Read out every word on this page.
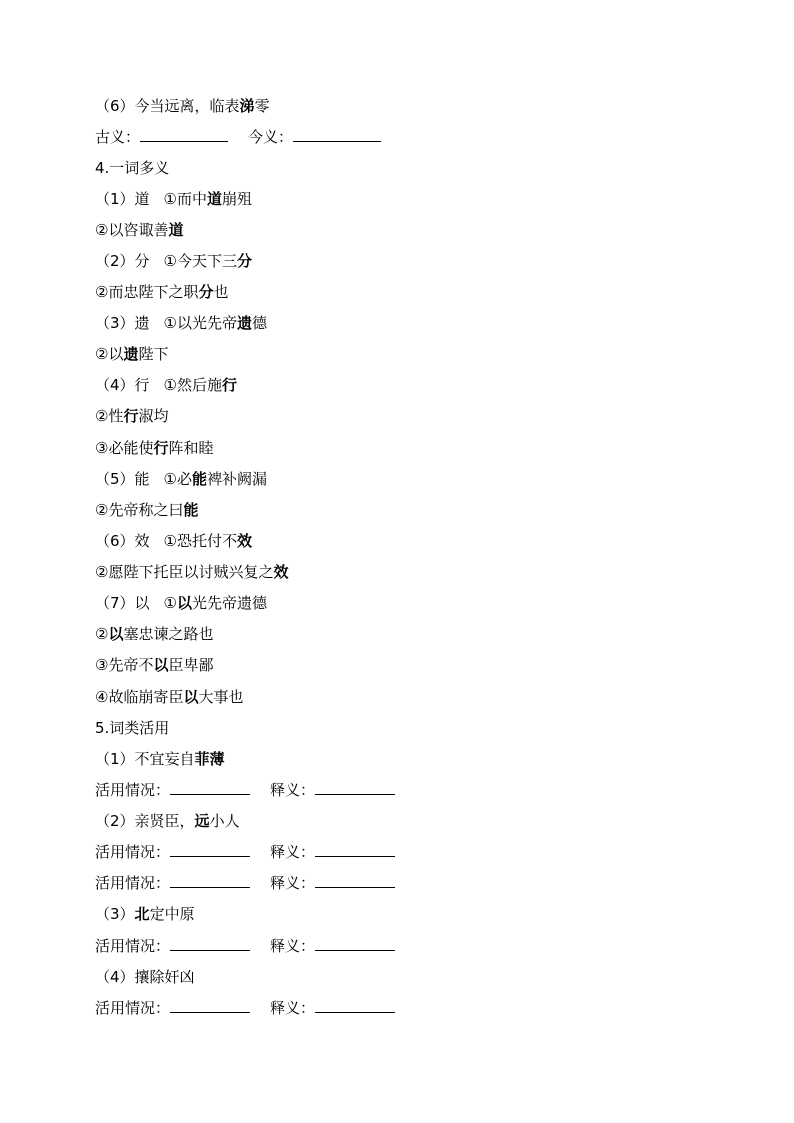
（6）今当远离，临表涕零
古义：	今义：
4.一词多义
（1）道 ①而中道崩殂
②以咨诹善道
（2）分 ①今天下三分
②而忠陛下之职分也
（3）遗 ①以光先帝遗德
②以遗陛下
（4）行 ①然后施行
②性行淑均
③必能使行阵和睦
（5）能 ①必能裨补阙漏
②先帝称之曰能
（6）效 ①恐托付不效
②愿陛下托臣以讨贼兴复之效
（7）以 ①以光先帝遗德
②以塞忠谏之路也
③先帝不以臣卑鄙
④故临崩寄臣以大事也
5.词类活用
（1）不宜妄自菲薄
活用情况：	释义：
（2）亲贤臣，远小人
活用情况：	释义：
活用情况：	释义：
（3）北定中原
活用情况：	释义：
（4）攘除奸凶
活用情况：	释义：
